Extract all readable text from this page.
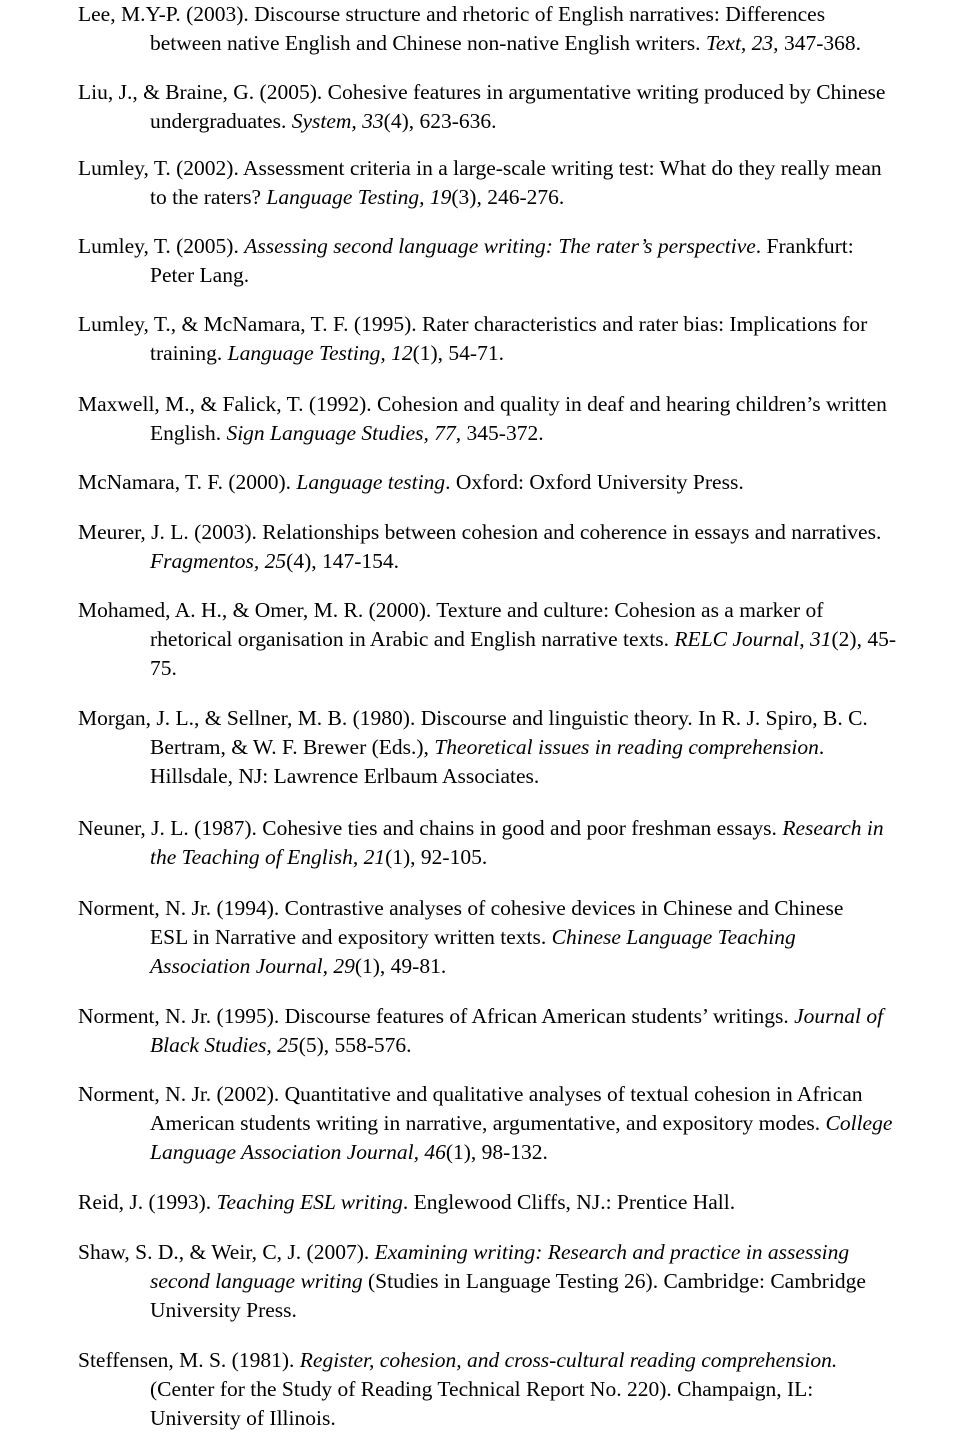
Lee, M.Y-P. (2003). Discourse structure and rhetoric of English narratives: Differences
between native English and Chinese non-native English writers. Text, 23, 347-368.

Liu, J., & Braine, G. (2005). Cohesive features in argumentative writing produced by Chinese
undergraduates. System, 33(4), 623-636.

Lumley, T. (2002). Assessment criteria in a large-scale writing test: What do they really mean
to the raters? Language Testing, 19(3), 246-276.

Lumley, T. (2005). Assessing second language writing: The rater’s perspective. Frankfurt:
Peter Lang.

Lumley, T., & McNamara, T. F. (1995). Rater characteristics and rater bias: Implications for
training. Language Testing, 12(1), 54-71.

Maxwell, M., & Falick, T. (1992). Cohesion and quality in deaf and hearing children’s written
English. Sign Language Studies, 77, 345-372.

McNamara, T. F. (2000). Language testing. Oxford: Oxford University Press.

Meurer, J. L. (2003). Relationships between cohesion and coherence in essays and narratives.
Fragmentos, 25(4), 147-154.

Mohamed, A. H., & Omer, M. R. (2000). Texture and culture: Cohesion as a marker of
rhetorical organisation in Arabic and English narrative texts. RELC Journal, 31(2), 45-
75.

Morgan, J. L., & Sellner, M. B. (1980). Discourse and linguistic theory. In R. J. Spiro, B. C.
Bertram, & W. F. Brewer (Eds.), Theoretical issues in reading comprehension.
Hillsdale, NJ: Lawrence Erlbaum Associates.

Neuner, J. L. (1987). Cohesive ties and chains in good and poor freshman essays. Research in
the Teaching of English, 21(1), 92-105.

Norment, N. Jr. (1994). Contrastive analyses of cohesive devices in Chinese and Chinese
ESL in Narrative and expository written texts. Chinese Language Teaching
Association Journal, 29(1), 49-81.

Norment, N. Jr. (1995). Discourse features of African American students’ writings. Journal of
Black Studies, 25(5), 558-576.

Norment, N. Jr. (2002). Quantitative and qualitative analyses of textual cohesion in African
American students writing in narrative, argumentative, and expository modes. College
Language Association Journal, 46(1), 98-132.

Reid, J. (1993). Teaching ESL writing. Englewood Cliffs, NJ.: Prentice Hall.

Shaw, S. D., & Weir, C, J. (2007). Examining writing: Research and practice in assessing
second language writing (Studies in Language Testing 26). Cambridge: Cambridge
University Press.

Steffensen, M. S. (1981). Register, cohesion, and cross-cultural reading comprehension.
(Center for the Study of Reading Technical Report No. 220). Champaign, IL:
University of Illinois.
